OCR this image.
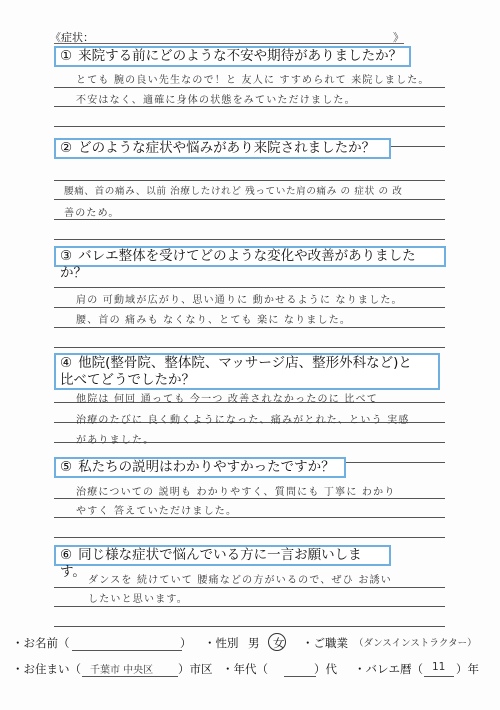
《症状：	》
① 来院する前にどのような不安や期待がありましたか？
とても 腕の良い先生なので！と 友人に すすめられて 来院しました。
不安はなく、適確に身体の状態をみていただけました。
② どのような症状や悩みがあり来院されましたか？
腰痛、首の痛み、以前 治療したけれど 残っていた肩の痛み の 症状 の 改
善のため。
③ バレエ整体を受けてどのような変化や改善がありましたか？
肩の 可動域が広がり、思い通りに 動かせるように なりました。
腰、首の 痛みも なくなり、とても 楽に なりました。
④ 他院(整骨院、整体院、マッサージ店、整形外科など)と
比べてどうでしたか？
他院は 何回 通っても 今一つ 改善されなかったのに 比べて
治療のたびに 良く動くようになった、痛みがとれた、という 実感
がありました。
⑤ 私たちの説明はわかりやすかったですか？
治療についての 説明も わかりやすく、質問にも 丁寧に わかり
やすく 答えていただけました。
⑥ 同じ様な症状で悩んでいる方に一言お願いします。
ダンスを 続けていて 腰痛などの方がいるので、ぜひ お誘い
したいと思います。
・お名前（	） ・性別 男 女 ・ご職業 （ダンスインストラクター）
・お住まい（ 千葉市 中央区 ）市区 ・年代（	）代 ・バレエ暦（ 11 ）年
